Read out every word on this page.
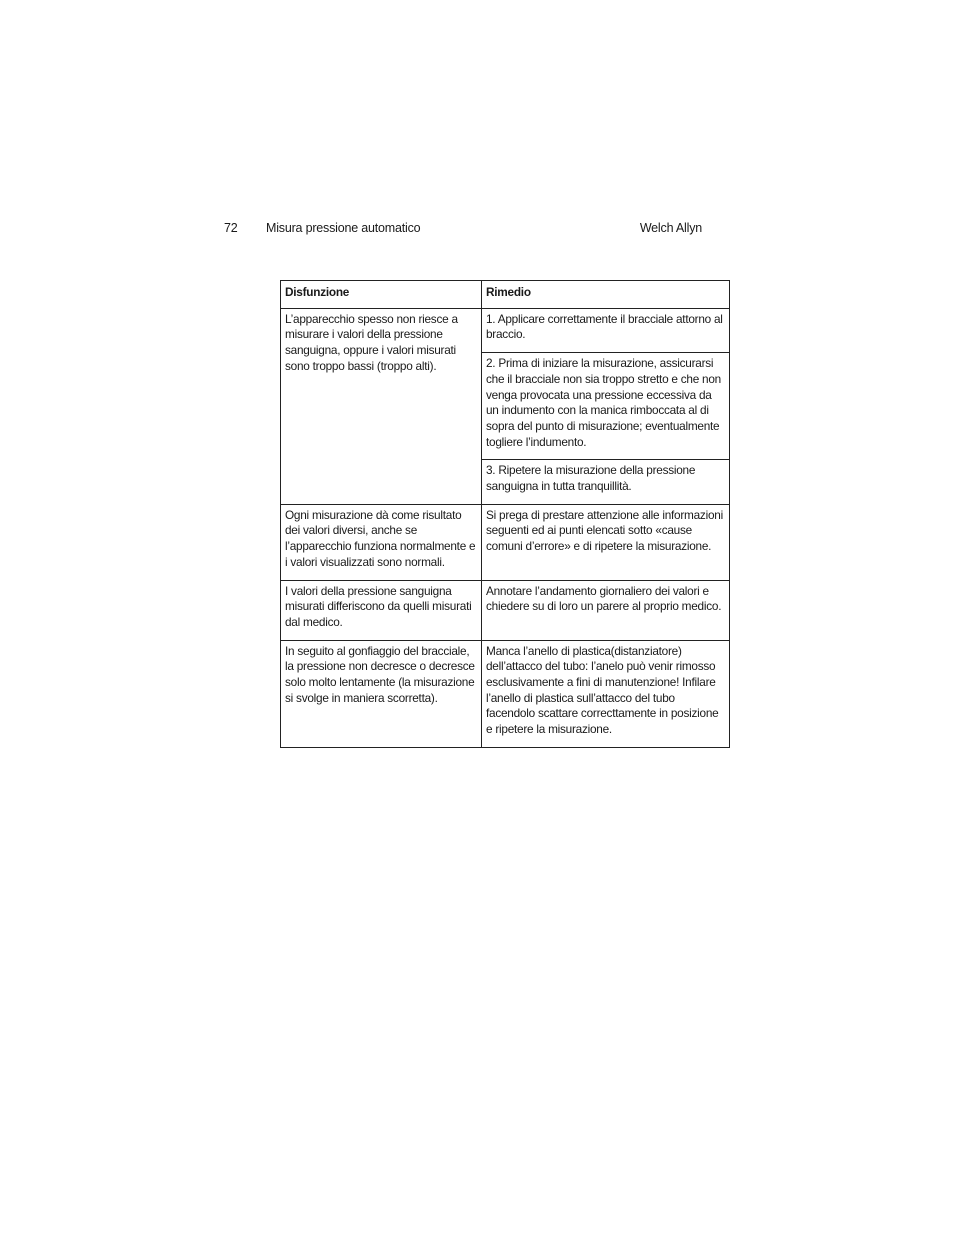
72 Misura pressione automatico	Welch Allyn
Disfunzione	Rimedio
L’apparecchio spesso non riesce a misurare i valori della pressione sanguigna, oppure i valori misurati sono troppo bassi (troppo alti).	1. Applicare correttamente il bracciale attorno al braccio.
	2. Prima di iniziare la misurazione, assicurarsi che il bracciale non sia troppo stretto e che non venga provocata una pressione eccessiva da un indumento con la manica rimboccata al di sopra del punto di misurazione; eventualmente togliere l’indumento.
	3. Ripetere la misurazione della pressione sanguigna in tutta tranquillità.
Ogni misurazione dà come risultato dei valori diversi, anche se l’apparecchio funziona normalmente e i valori visualizzati sono normali.	Si prega di prestare attenzione alle informazioni seguenti ed ai punti elencati sotto «cause comuni d’errore» e di ripetere la misurazione.
I valori della pressione sanguigna misurati differiscono da quelli misurati dal medico.	Annotare l’andamento giornaliero dei valori e chiedere su di loro un parere al proprio medico.
In seguito al gonfiaggio del bracciale, la pressione non decresce o decresce solo molto lentamente (la misurazione si svolge in maniera scorretta).	Manca l’anello di plastica(distanziatore) dell’attacco del tubo: l’anelo può venir rimosso esclusivamente a fini di manutenzione! Infilare l’anello di plastica sull’attacco del tubo facendolo scattare correcttamente in posizione e ripetere la misurazione.
